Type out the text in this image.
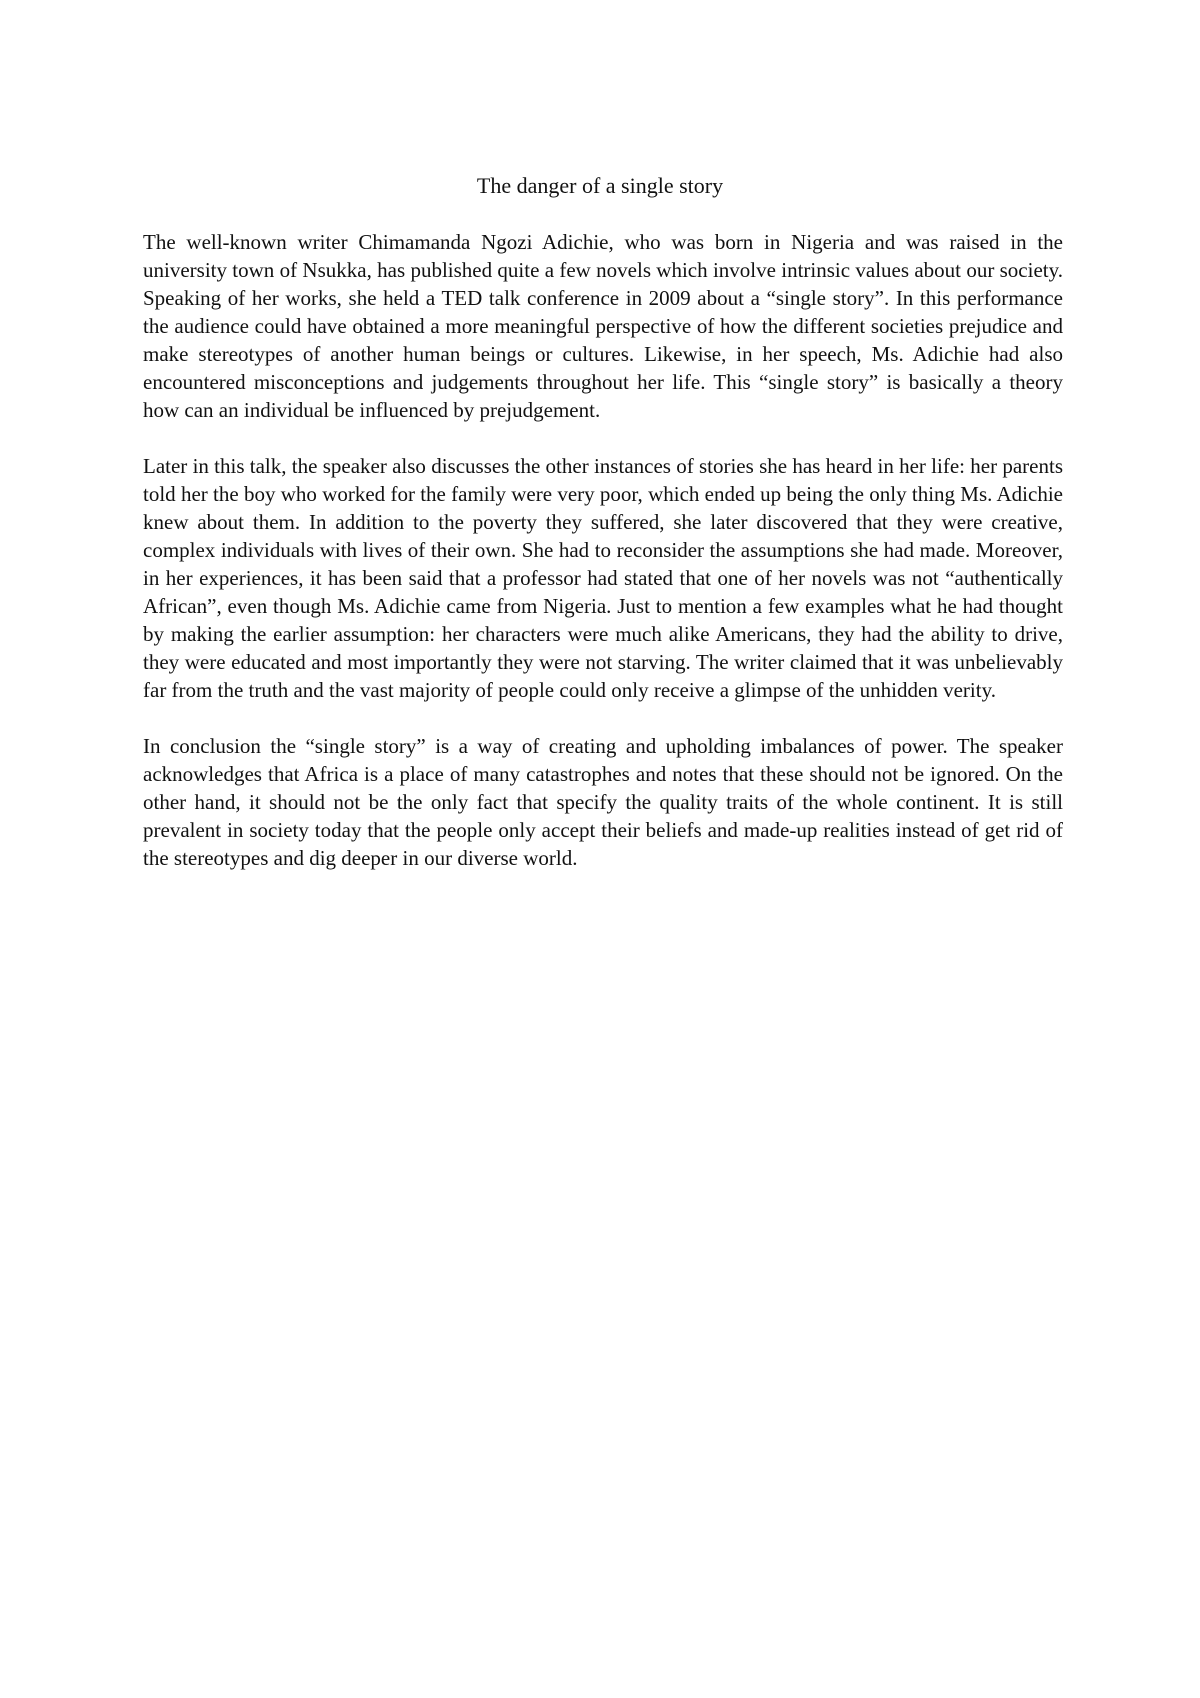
The danger of a single story

The well-known writer Chimamanda Ngozi Adichie, who was born in Nigeria and was raised in the university town of Nsukka, has published quite a few novels which involve intrinsic values about our society. Speaking of her works, she held a TED talk conference in 2009 about a “single story”. In this performance the audience could have obtained a more meaningful perspective of how the different societies prejudice and make stereotypes of another human beings or cultures. Likewise, in her speech, Ms. Adichie had also encountered misconceptions and judgements throughout her life. This “single story” is basically a theory how can an individual be influenced by prejudgement.

Later in this talk, the speaker also discusses the other instances of stories she has heard in her life: her parents told her the boy who worked for the family were very poor, which ended up being the only thing Ms. Adichie knew about them. In addition to the poverty they suffered, she later discovered that they were creative, complex individuals with lives of their own. She had to reconsider the assumptions she had made. Moreover, in her experiences, it has been said that a professor had stated that one of her novels was not “authentically African”, even though Ms. Adichie came from Nigeria. Just to mention a few examples what he had thought by making the earlier assumption: her characters were much alike Americans, they had the ability to drive, they were educated and most importantly they were not starving. The writer claimed that it was unbelievably far from the truth and the vast majority of people could only receive a glimpse of the unhidden verity.

In conclusion the “single story” is a way of creating and upholding imbalances of power. The speaker acknowledges that Africa is a place of many catastrophes and notes that these should not be ignored. On the other hand, it should not be the only fact that specify the quality traits of the whole continent. It is still prevalent in society today that the people only accept their beliefs and made-up realities instead of get rid of the stereotypes and dig deeper in our diverse world.
